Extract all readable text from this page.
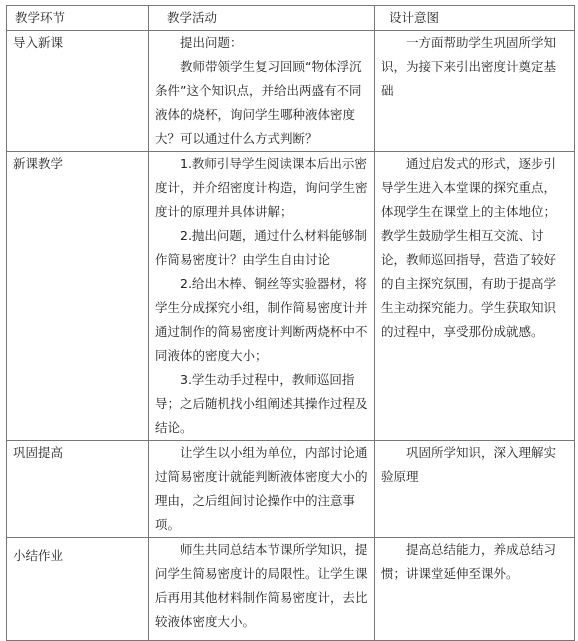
教学环节	教学活动	设计意图
导入新课	提出问题：

教师带领学生复习回顾“物体浮沉条件”这个知识点，并给出两盛有不同液体的烧杯，询问学生哪种液体密度大？可以通过什么方式判断？	一方面帮助学生巩固所学知识，为接下来引出密度计奠定基础

新课教学	1.教师引导学生阅读课本后出示密度计，并介绍密度计构造，询问学生密度计的原理并具体讲解；

2.抛出问题，通过什么材料能够制作简易密度计？由学生自由讨论

2.给出木棒、铜丝等实验器材，将学生分成探究小组，制作简易密度计并通过制作的简易密度计判断两烧杯中不同液体的密度大小；

3.学生动手过程中，教师巡回指导；之后随机找小组阐述其操作过程及结论。	通过启发式的形式，逐步引导学生进入本堂课的探究重点，体现学生在课堂上的主体地位；教学生鼓励学生相互交流、讨论，教师巡回指导，营造了较好的自主探究氛围，有助于提高学生主动探究能力。学生获取知识的过程中，享受那份成就感。

巩固提高	让学生以小组为单位，内部讨论通过简易密度计就能判断液体密度大小的理由，之后组间讨论操作中的注意事项。	巩固所学知识，深入理解实验原理

小结作业	师生共同总结本节课所学知识，提问学生简易密度计的局限性。让学生课后再用其他材料制作简易密度计，去比较液体密度大小。	提高总结能力，养成总结习惯；讲课堂延伸至课外。
